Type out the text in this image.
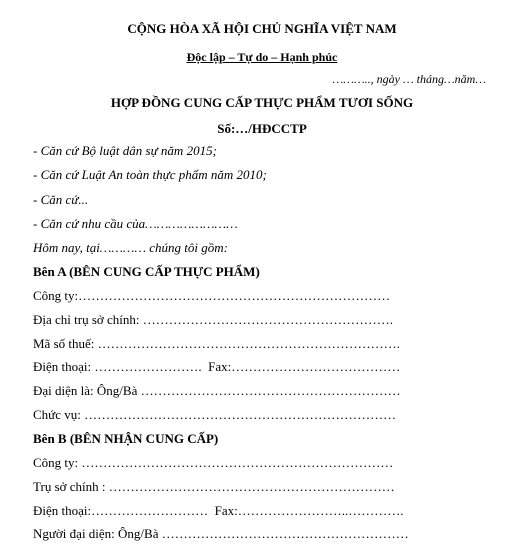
CỘNG HÒA XÃ HỘI CHỦ NGHĨA VIỆT NAM
Độc lập – Tự do – Hạnh phúc
……….., ngày … tháng…năm…
HỢP ĐỒNG CUNG CẤP THỰC PHẨM TƯƠI SỐNG
Số:…/HĐCCTP
- Căn cứ Bộ luật dân sự năm 2015;
- Căn cứ Luật An toàn thực phẩm năm 2010;
- Căn cứ...
- Căn cứ nhu cầu của……………………
Hôm nay, tại………… chúng tôi gồm:
Bên A (BÊN CUNG CẤP THỰC PHẨM)
Công ty:………………………………………………………………
Địa chỉ trụ sở chính: ………………………………………………….
Mã số thuế: …………………………………………………………….
Điện thoại: …………………….  Fax:…………………………………
Đại diện là: Ông/Bà ……………………………………………………
Chức vụ: ………………………………………………………………
Bên B (BÊN NHẬN CUNG CẤP)
Công ty: ………………………………………………………………
Trụ sở chính : …………………………………………………………
Điện thoại:………………………  Fax:……………………..………….
Người đại diện: Ông/Bà …………………………………………………
